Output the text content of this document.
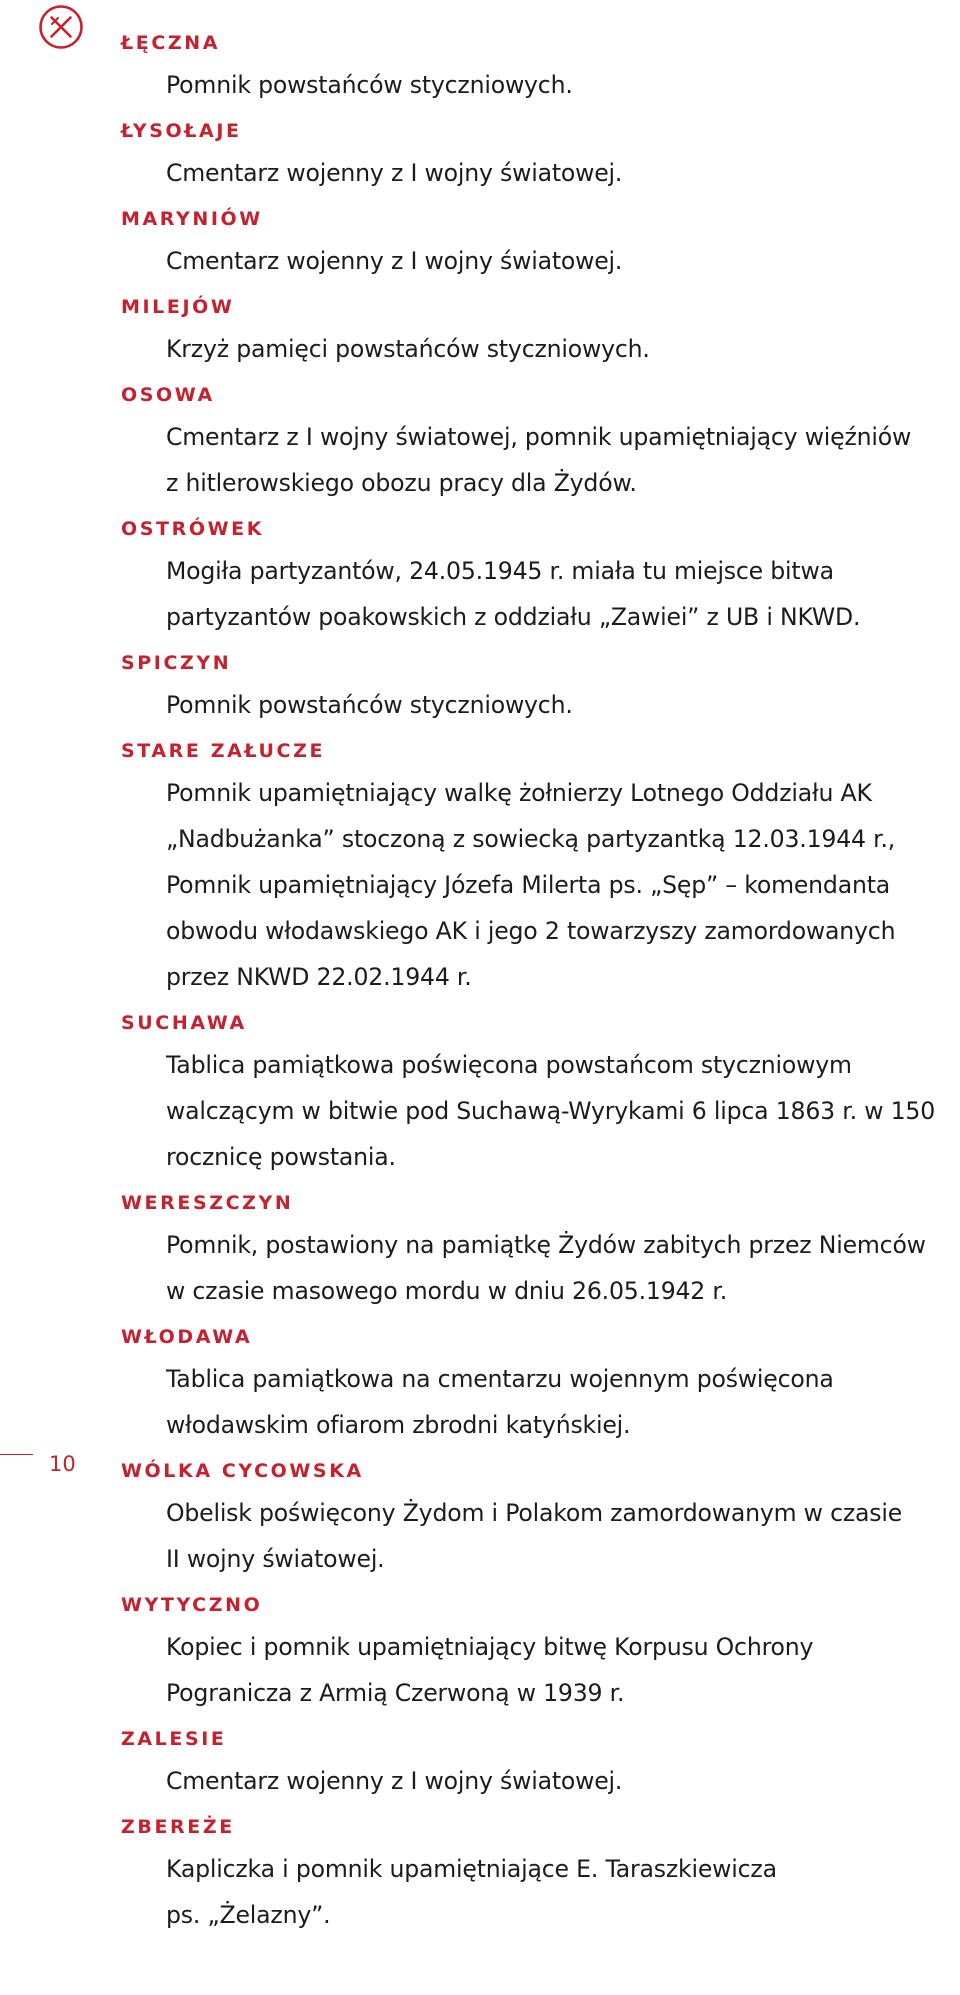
10
ŁĘCZNA
Pomnik powstańców styczniowych.
ŁYSOŁAJE
Cmentarz wojenny z I wojny światowej.
MARYNIÓW
Cmentarz wojenny z I wojny światowej.
MILEJÓW
Krzyż pamięci powstańców styczniowych.
OSOWA
Cmentarz z I wojny światowej, pomnik upamiętniający więźniów
z hitlerowskiego obozu pracy dla Żydów.
OSTRÓWEK
Mogiła partyzantów, 24.05.1945 r. miała tu miejsce bitwa
partyzantów poakowskich z oddziału „Zawiei” z UB i NKWD.
SPICZYN
Pomnik powstańców styczniowych.
STARE ZAŁUCZE
Pomnik upamiętniający walkę żołnierzy Lotnego Oddziału AK
„Nadbużanka” stoczoną z sowiecką partyzantką 12.03.1944 r.,
Pomnik upamiętniający Józefa Milerta ps. „Sęp” – komendanta
obwodu włodawskiego AK i jego 2 towarzyszy zamordowanych
przez NKWD 22.02.1944 r.
SUCHAWA
Tablica pamiątkowa poświęcona powstańcom styczniowym
walczącym w bitwie pod Suchawą-Wyrykami 6 lipca 1863 r. w 150
rocznicę powstania.
WERESZCZYN
Pomnik, postawiony na pamiątkę Żydów zabitych przez Niemców
w czasie masowego mordu w dniu 26.05.1942 r.
WŁODAWA
Tablica pamiątkowa na cmentarzu wojennym poświęcona
włodawskim ofiarom zbrodni katyńskiej.
WÓLKA CYCOWSKA
Obelisk poświęcony Żydom i Polakom zamordowanym w czasie
II wojny światowej.
WYTYCZNO
Kopiec i pomnik upamiętniający bitwę Korpusu Ochrony
Pogranicza z Armią Czerwoną w 1939 r.
ZALESIE
Cmentarz wojenny z I wojny światowej.
ZBEREŻE
Kapliczka i pomnik upamiętniające E. Taraszkiewicza
ps. „Żelazny”.
